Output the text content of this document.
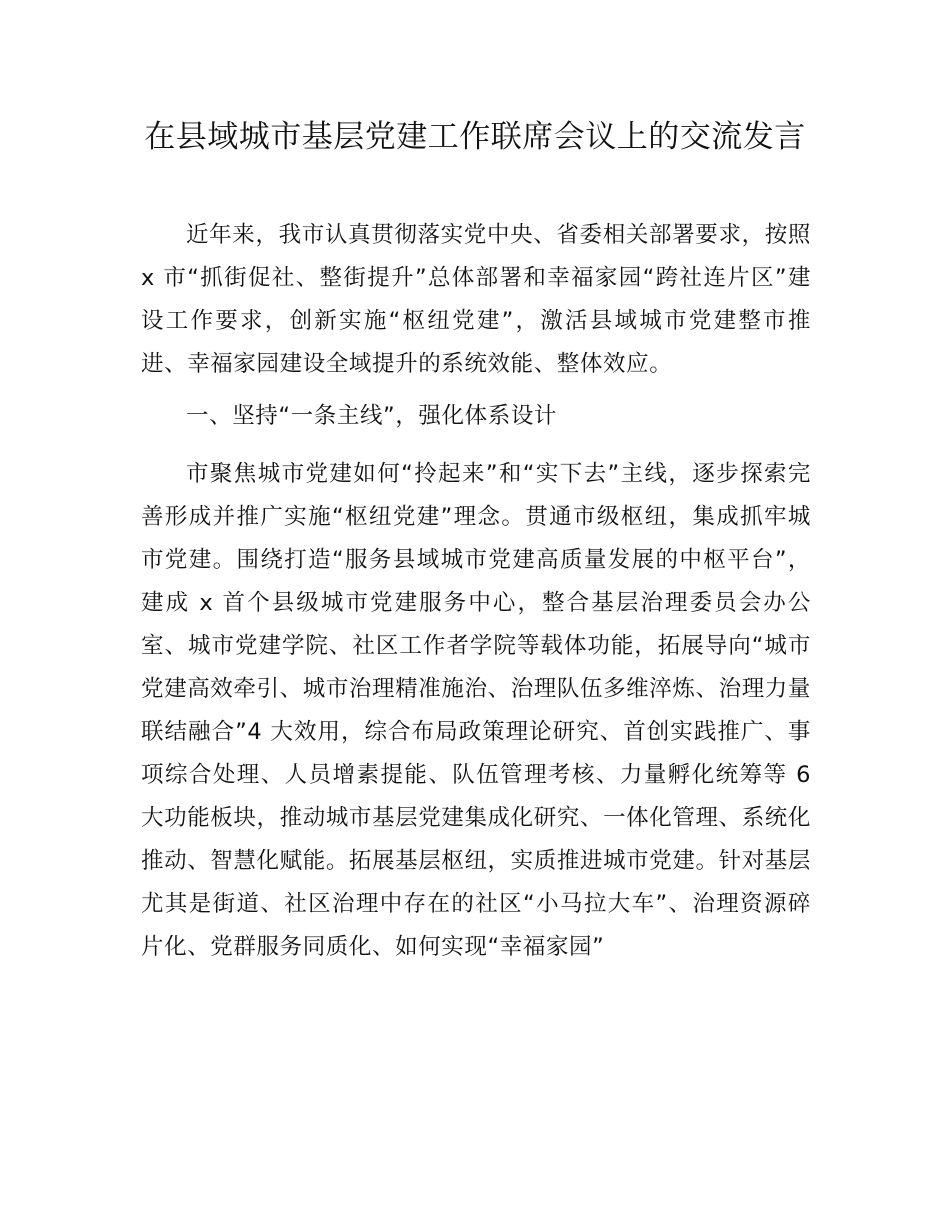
在县域城市基层党建工作联席会议上的交流发言

近年来，我市认真贯彻落实党中央、省委相关部署要求，按照 x 市“抓街促社、整街提升”总体部署和幸福家园“跨社连片区”建设工作要求，创新实施“枢纽党建”，激活县域城市党建整市推进、幸福家园建设全域提升的系统效能、整体效应。

一、坚持“一条主线”，强化体系设计

市聚焦城市党建如何“拎起来”和“实下去”主线，逐步探索完善形成并推广实施“枢纽党建”理念。贯通市级枢纽，集成抓牢城市党建。围绕打造“服务县域城市党建高质量发展的中枢平台”，建成 x 首个县级城市党建服务中心，整合基层治理委员会办公室、城市党建学院、社区工作者学院等载体功能，拓展导向“城市党建高效牵引、城市治理精准施治、治理队伍多维淬炼、治理力量联结融合”4 大效用，综合布局政策理论研究、首创实践推广、事项综合处理、人员增素提能、队伍管理考核、力量孵化统筹等 6 大功能板块，推动城市基层党建集成化研究、一体化管理、系统化推动、智慧化赋能。拓展基层枢纽，实质推进城市党建。针对基层尤其是街道、社区治理中存在的社区“小马拉大车”、治理资源碎片化、党群服务同质化、如何实现“幸福家园”
